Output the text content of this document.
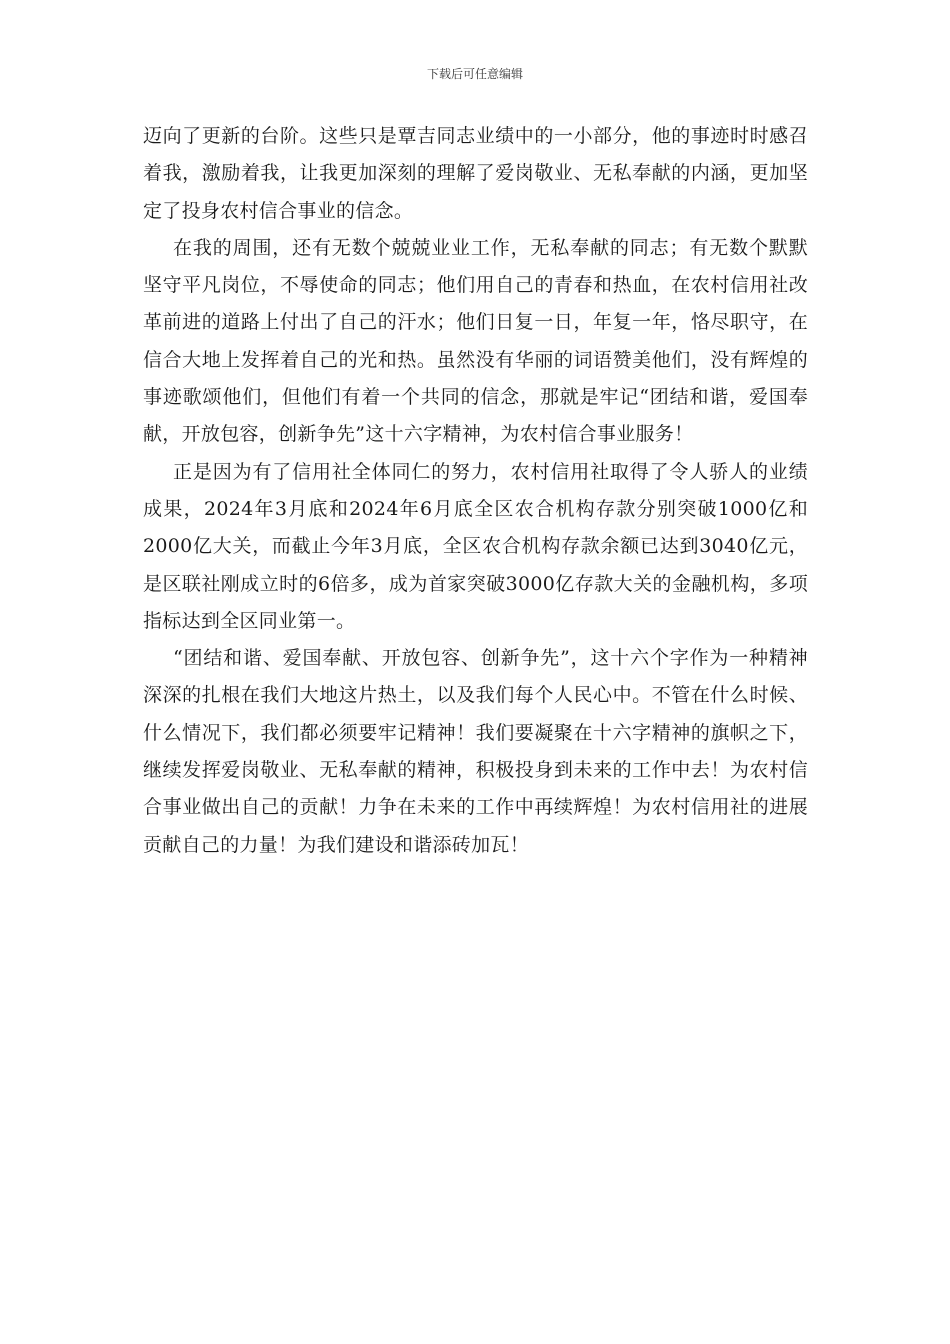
下载后可任意编辑

迈向了更新的台阶。这些只是覃吉同志业绩中的一小部分，他的事迹时时感召着我，激励着我，让我更加深刻的理解了爱岗敬业、无私奉献的内涵，更加坚定了投身农村信合事业的信念。

在我的周围，还有无数个兢兢业业工作，无私奉献的同志；有无数个默默坚守平凡岗位，不辱使命的同志；他们用自己的青春和热血，在农村信用社改革前进的道路上付出了自己的汗水；他们日复一日，年复一年，恪尽职守，在信合大地上发挥着自己的光和热。虽然没有华丽的词语赞美他们，没有辉煌的事迹歌颂他们，但他们有着一个共同的信念，那就是牢记“团结和谐，爱国奉献，开放包容，创新争先”这十六字精神，为农村信合事业服务！

正是因为有了信用社全体同仁的努力，农村信用社取得了令人骄人的业绩成果，2024年3月底和2024年6月底全区农合机构存款分别突破1000亿和2000亿大关，而截止今年3月底，全区农合机构存款余额已达到3040亿元，是区联社刚成立时的6倍多，成为首家突破3000亿存款大关的金融机构，多项指标达到全区同业第一。

“团结和谐、爱国奉献、开放包容、创新争先”，这十六个字作为一种精神深深的扎根在我们大地这片热土，以及我们每个人民心中。不管在什么时候、什么情况下，我们都必须要牢记精神！我们要凝聚在十六字精神的旗帜之下，继续发挥爱岗敬业、无私奉献的精神，积极投身到未来的工作中去！为农村信合事业做出自己的贡献！力争在未来的工作中再续辉煌！为农村信用社的进展贡献自己的力量！为我们建设和谐添砖加瓦！
